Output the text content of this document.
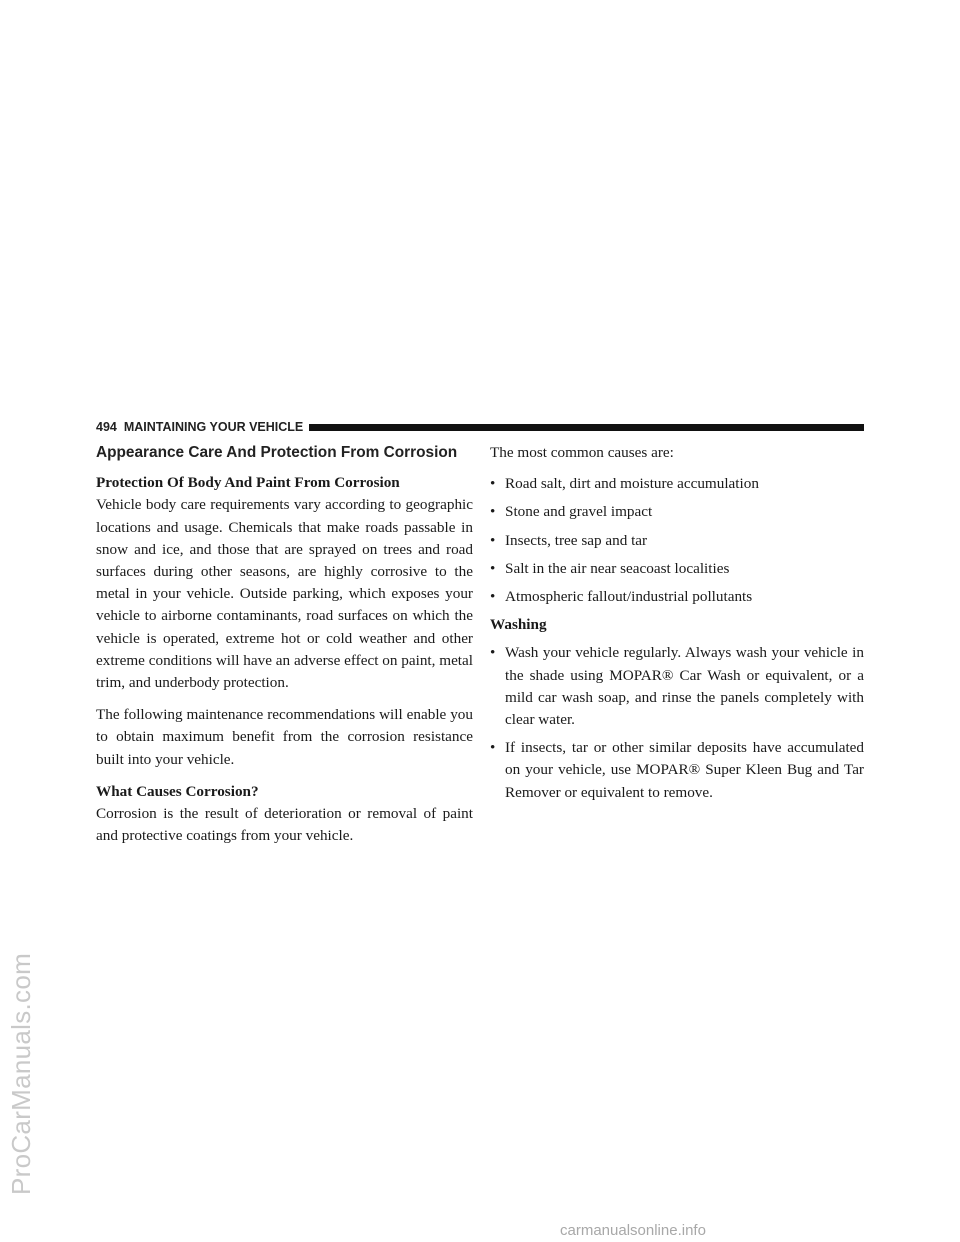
ProCarManuals.com
494 MAINTAINING YOUR VEHICLE
Appearance Care And Protection From Corrosion
Protection Of Body And Paint From Corrosion

Vehicle body care requirements vary according to geographic locations and usage. Chemicals that make roads passable in snow and ice, and those that are sprayed on trees and road surfaces during other seasons, are highly corrosive to the metal in your vehicle. Outside parking, which exposes your vehicle to airborne contaminants, road surfaces on which the vehicle is operated, extreme hot or cold weather and other extreme conditions will have an adverse effect on paint, metal trim, and underbody protection.

The following maintenance recommendations will enable you to obtain maximum benefit from the corrosion resistance built into your vehicle.

What Causes Corrosion?

Corrosion is the result of deterioration or removal of paint and protective coatings from your vehicle.

The most common causes are:

• Road salt, dirt and moisture accumulation
• Stone and gravel impact
• Insects, tree sap and tar
• Salt in the air near seacoast localities
• Atmospheric fallout/industrial pollutants
Washing
• Wash your vehicle regularly. Always wash your vehicle in the shade using MOPAR® Car Wash or equivalent, or a mild car wash soap, and rinse the panels completely with clear water.
• If insects, tar or other similar deposits have accumulated on your vehicle, use MOPAR® Super Kleen Bug and Tar Remover or equivalent to remove.
carmanualsonline.info
